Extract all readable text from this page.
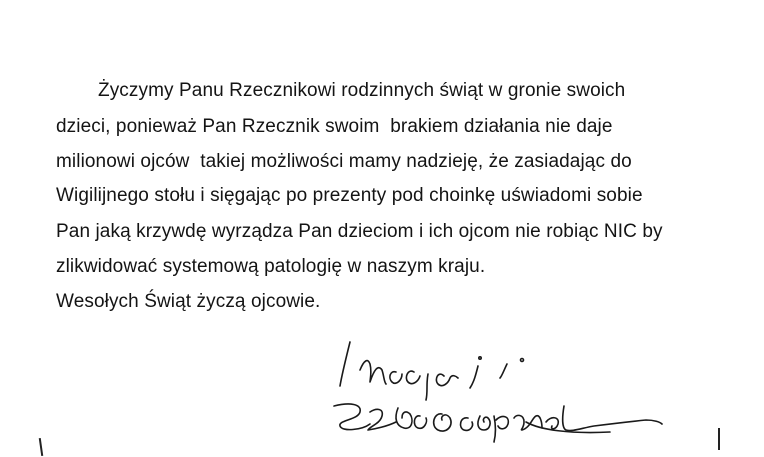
Życzymy Panu Rzecznikowi rodzinnych świąt w gronie swoich
dzieci, ponieważ Pan Rzecznik swoim  brakiem działania nie daje
milionowi ojców  takiej możliwości mamy nadzieję, że zasiadając do
Wigilijnego stołu i sięgając po prezenty pod choinkę uświadomi sobie
Pan jaką krzywdę wyrządza Pan dzieciom i ich ojcom nie robiąc NIC by
zlikwidować systemową patologię w naszym kraju.
Wesołych Świąt życzą ojcowie.
